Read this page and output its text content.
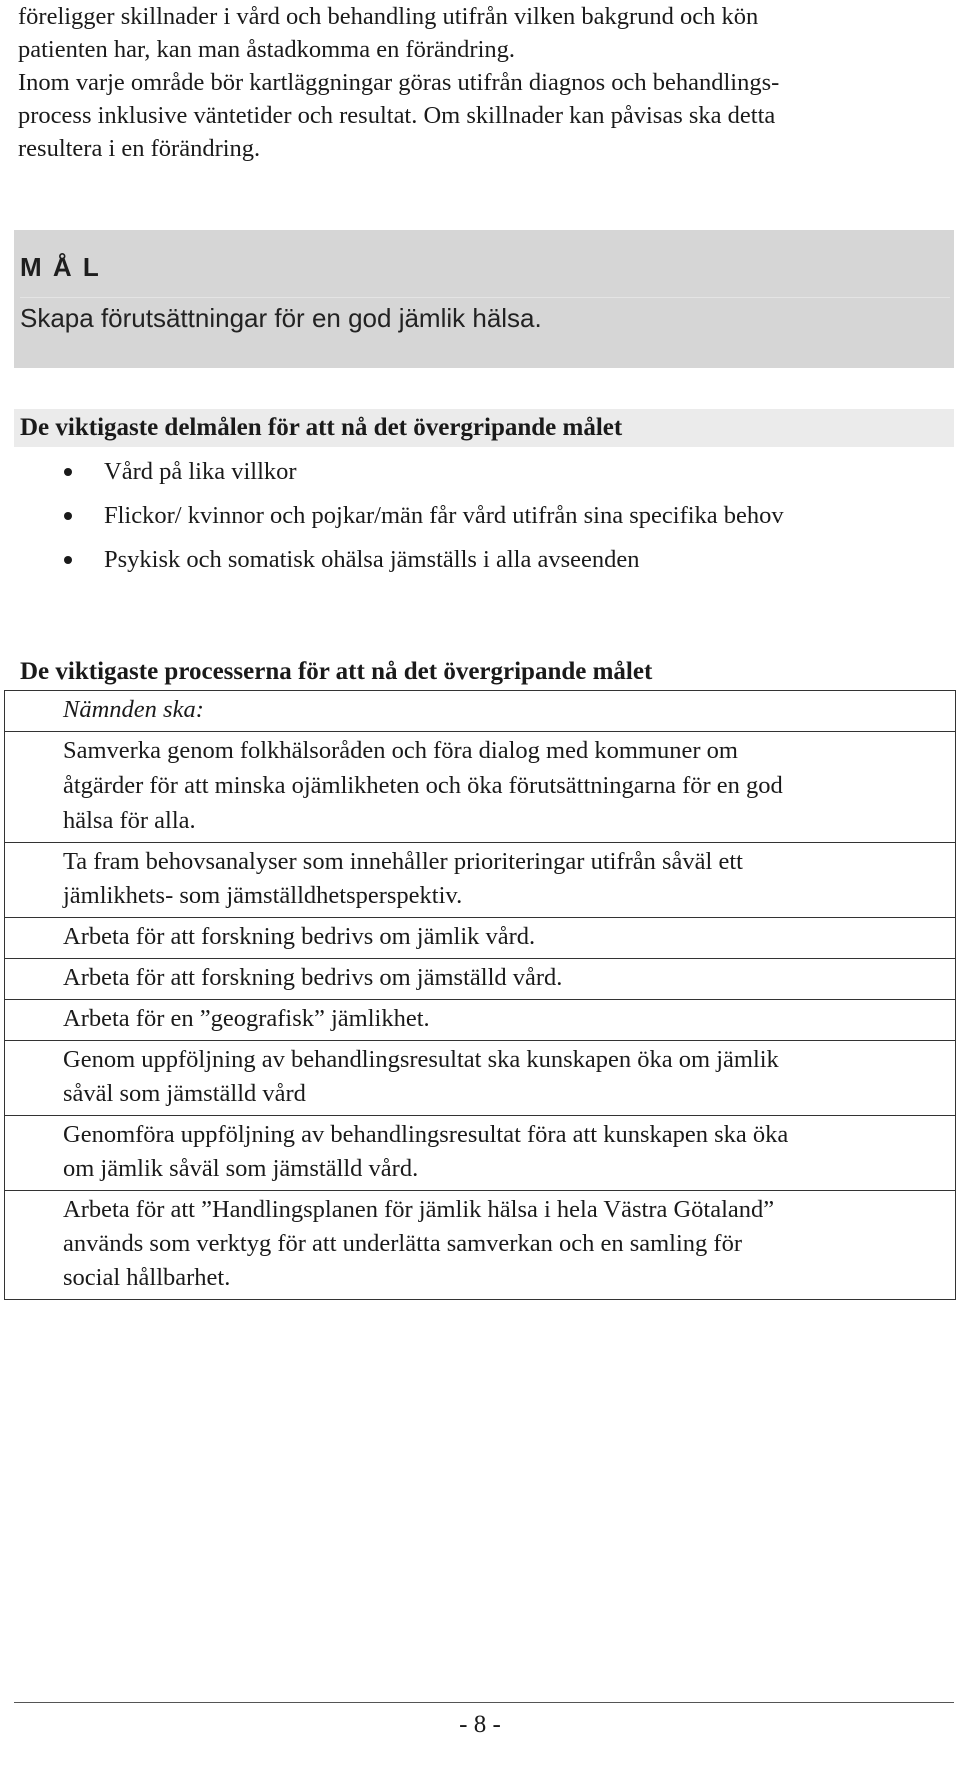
föreligger skillnader i vård och behandling utifrån vilken bakgrund och kön

patienten har, kan man åstadkomma en förändring.

Inom varje område bör kartläggningar göras utifrån diagnos och behandlings-

process inklusive väntetider och resultat. Om skillnader kan påvisas ska detta

resultera i en förändring.

M Å L
Skapa förutsättningar för en god jämlik hälsa.
De viktigaste delmålen för att nå det övergripande målet
Vård på lika villkor
Flickor/ kvinnor och pojkar/män får vård utifrån sina specifika behov
Psykisk och somatisk ohälsa jämställs i alla avseenden
De viktigaste processerna för att nå det övergripande målet
Nämnden ska:

Samverka genom folkhälsoråden och föra dialog med kommuner om
åtgärder för att minska ojämlikheten och öka förutsättningarna för en god
hälsa för alla.

Ta fram behovsanalyser som innehåller prioriteringar utifrån såväl ett
jämlikhets- som jämställdhetsperspektiv.

Arbeta för att forskning bedrivs om jämlik vård.

Arbeta för att forskning bedrivs om jämställd vård.

Arbeta för en ”geografisk” jämlikhet.

Genom uppföljning av behandlingsresultat ska kunskapen öka om jämlik
såväl som jämställd vård

Genomföra uppföljning av behandlingsresultat föra att kunskapen ska öka
om jämlik såväl som jämställd vård.

Arbeta för att ”Handlingsplanen för jämlik hälsa i hela Västra Götaland”
används som verktyg för att underlätta samverkan och en samling för
social hållbarhet.
- 8 -
